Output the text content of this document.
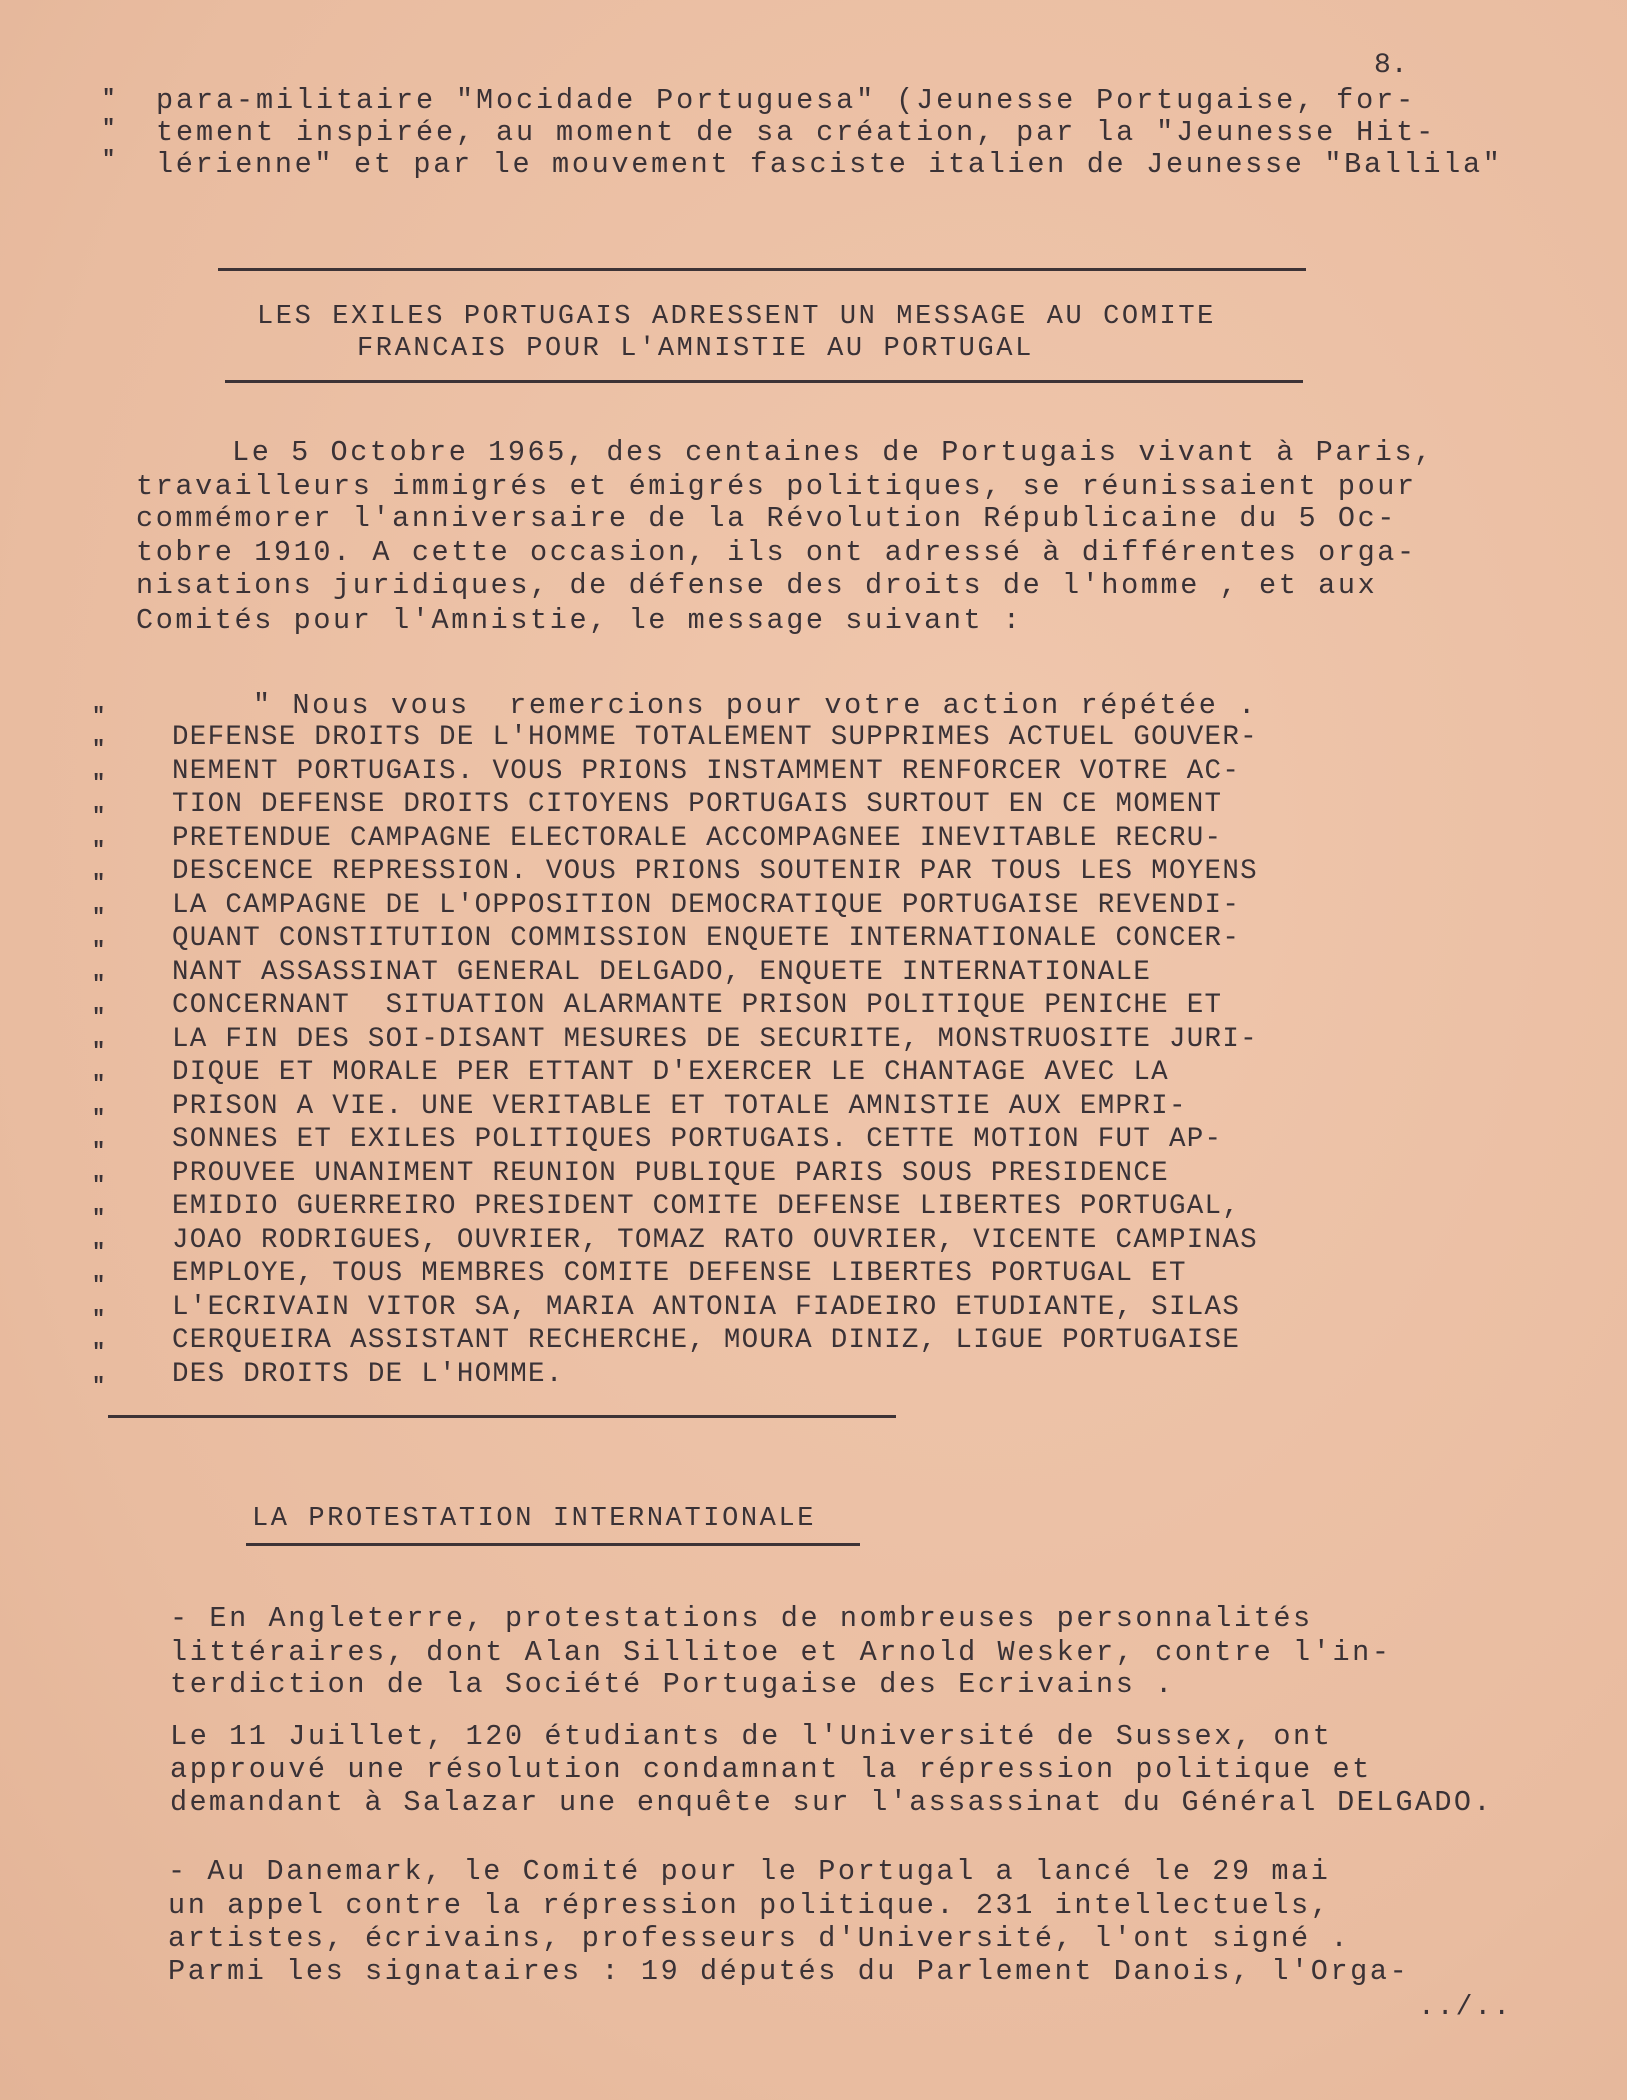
8.
"
"
"
para-militaire "Mocidade Portuguesa" (Jeunesse Portugaise, for-
tement inspirée, au moment de sa création, par la "Jeunesse Hit-
lérienne" et par le mouvement fasciste italien de Jeunesse "Ballila"
LES EXILES PORTUGAIS ADRESSENT UN MESSAGE AU COMITE
FRANCAIS POUR L'AMNISTIE AU PORTUGAL
Le 5 Octobre 1965, des centaines de Portugais vivant à Paris,
travailleurs immigrés et émigrés politiques, se réunissaient pour
commémorer l'anniversaire de la Révolution Républicaine du 5 Oc-
tobre 1910. A cette occasion, ils ont adressé à différentes orga-
nisations juridiques, de défense des droits de l'homme , et aux
Comités pour l'Amnistie, le message suivant :
"
"
"
"
"
"
"
"
"
"
"
"
"
"
"
"
"
"
"
"
"
" Nous vous  remercions pour votre action répétée .
DEFENSE DROITS DE L'HOMME TOTALEMENT SUPPRIMES ACTUEL GOUVER-
NEMENT PORTUGAIS. VOUS PRIONS INSTAMMENT RENFORCER VOTRE AC-
TION DEFENSE DROITS CITOYENS PORTUGAIS SURTOUT EN CE MOMENT
PRETENDUE CAMPAGNE ELECTORALE ACCOMPAGNEE INEVITABLE RECRU-
DESCENCE REPRESSION. VOUS PRIONS SOUTENIR PAR TOUS LES MOYENS
LA CAMPAGNE DE L'OPPOSITION DEMOCRATIQUE PORTUGAISE REVENDI-
QUANT CONSTITUTION COMMISSION ENQUETE INTERNATIONALE CONCER-
NANT ASSASSINAT GENERAL DELGADO, ENQUETE INTERNATIONALE
CONCERNANT  SITUATION ALARMANTE PRISON POLITIQUE PENICHE ET
LA FIN DES SOI-DISANT MESURES DE SECURITE, MONSTRUOSITE JURI-
DIQUE ET MORALE PER ETTANT D'EXERCER LE CHANTAGE AVEC LA
PRISON A VIE. UNE VERITABLE ET TOTALE AMNISTIE AUX EMPRI-
SONNES ET EXILES POLITIQUES PORTUGAIS. CETTE MOTION FUT AP-
PROUVEE UNANIMENT REUNION PUBLIQUE PARIS SOUS PRESIDENCE
EMIDIO GUERREIRO PRESIDENT COMITE DEFENSE LIBERTES PORTUGAL,
JOAO RODRIGUES, OUVRIER, TOMAZ RATO OUVRIER, VICENTE CAMPINAS
EMPLOYE, TOUS MEMBRES COMITE DEFENSE LIBERTES PORTUGAL ET
L'ECRIVAIN VITOR SA, MARIA ANTONIA FIADEIRO ETUDIANTE, SILAS
CERQUEIRA ASSISTANT RECHERCHE, MOURA DINIZ, LIGUE PORTUGAISE
DES DROITS DE L'HOMME.
LA PROTESTATION INTERNATIONALE
- En Angleterre, protestations de nombreuses personnalités
littéraires, dont Alan Sillitoe et Arnold Wesker, contre l'in-
terdiction de la Société Portugaise des Ecrivains .
Le 11 Juillet, 120 étudiants de l'Université de Sussex, ont
approuvé une résolution condamnant la répression politique et
demandant à Salazar une enquête sur l'assassinat du Général DELGADO.
- Au Danemark, le Comité pour le Portugal a lancé le 29 mai
un appel contre la répression politique. 231 intellectuels,
artistes, écrivains, professeurs d'Université, l'ont signé .
Parmi les signataires : 19 députés du Parlement Danois, l'Orga-
../..
